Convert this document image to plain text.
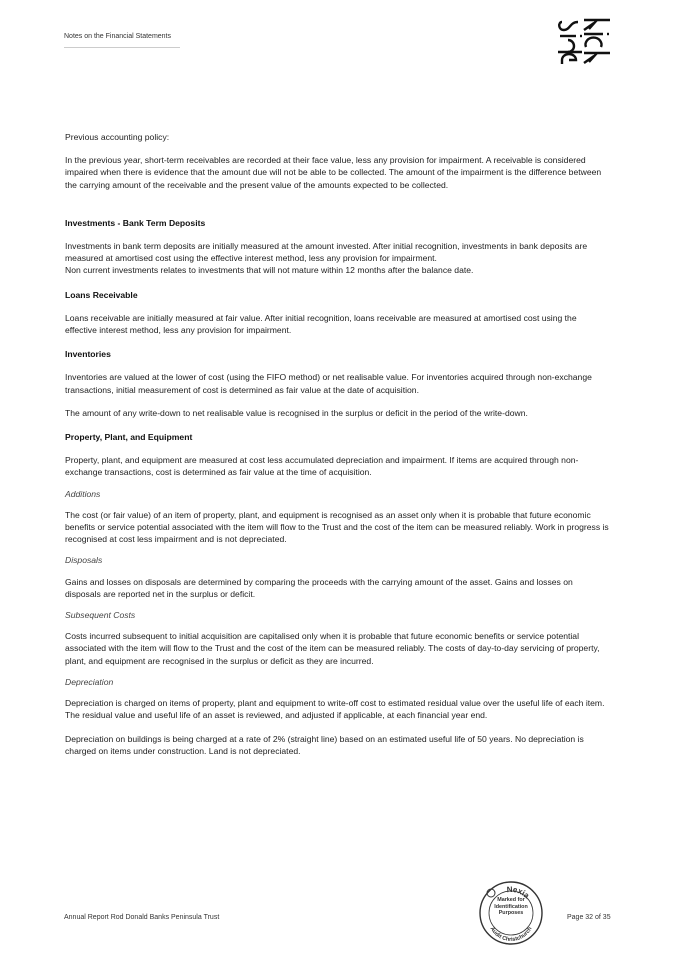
Notes on the Financial Statements

Previous accounting policy:

In the previous year, short-term receivables are recorded at their face value, less any provision for impairment. A receivable is considered impaired when there is evidence that the amount due will not be able to be collected. The amount of the impairment is the difference between the carrying amount of the receivable and the present value of the amounts expected to be collected.

Investments - Bank Term Deposits

Investments in bank term deposits are initially measured at the amount invested. After initial recognition, investments in bank deposits are measured at amortised cost using the effective interest method, less any provision for impairment.

Non current investments relates to investments that will not mature within 12 months after the balance date.

Loans Receivable

Loans receivable are initially measured at fair value. After initial recognition, loans receivable are measured at amortised cost using the effective interest method, less any provision for impairment.

Inventories

Inventories are valued at the lower of cost (using the FIFO method) or net realisable value. For inventories acquired through non-exchange transactions, initial measurement of cost is determined as fair value at the date of acquisition.

The amount of any write-down to net realisable value is recognised in the surplus or deficit in the period of the write-down.

Property, Plant, and Equipment

Property, plant, and equipment are measured at cost less accumulated depreciation and impairment. If items are acquired through non-exchange transactions, cost is determined as fair value at the time of acquisition.

Additions

The cost (or fair value) of an item of property, plant, and equipment is recognised as an asset only when it is probable that future economic benefits or service potential associated with the item will flow to the Trust and the cost of the item can be measured reliably. Work in progress is recognised at cost less impairment and is not depreciated.

Disposals

Gains and losses on disposals are determined by comparing the proceeds with the carrying amount of the asset. Gains and losses on disposals are reported net in the surplus or deficit.

Subsequent Costs

Costs incurred subsequent to initial acquisition are capitalised only when it is probable that future economic benefits or service potential associated with the item will flow to the Trust and the cost of the item can be measured reliably. The costs of day-to-day servicing of property, plant, and equipment are recognised in the surplus or deficit as they are incurred.

Depreciation

Depreciation is charged on items of property, plant and equipment to write-off cost to estimated residual value over the useful life of each item. The residual value and useful life of an asset is reviewed, and adjusted if applicable, at each financial year end.

Depreciation on buildings is being charged at a rate of 2% (straight line) based on an estimated useful life of 50 years. No depreciation is charged on items under construction. Land is not depreciated.

Annual Report Rod Donald Banks Peninsula Trust
Nexia
Marked for Identification Purposes
Audit Christchurch
Page 32 of 35
